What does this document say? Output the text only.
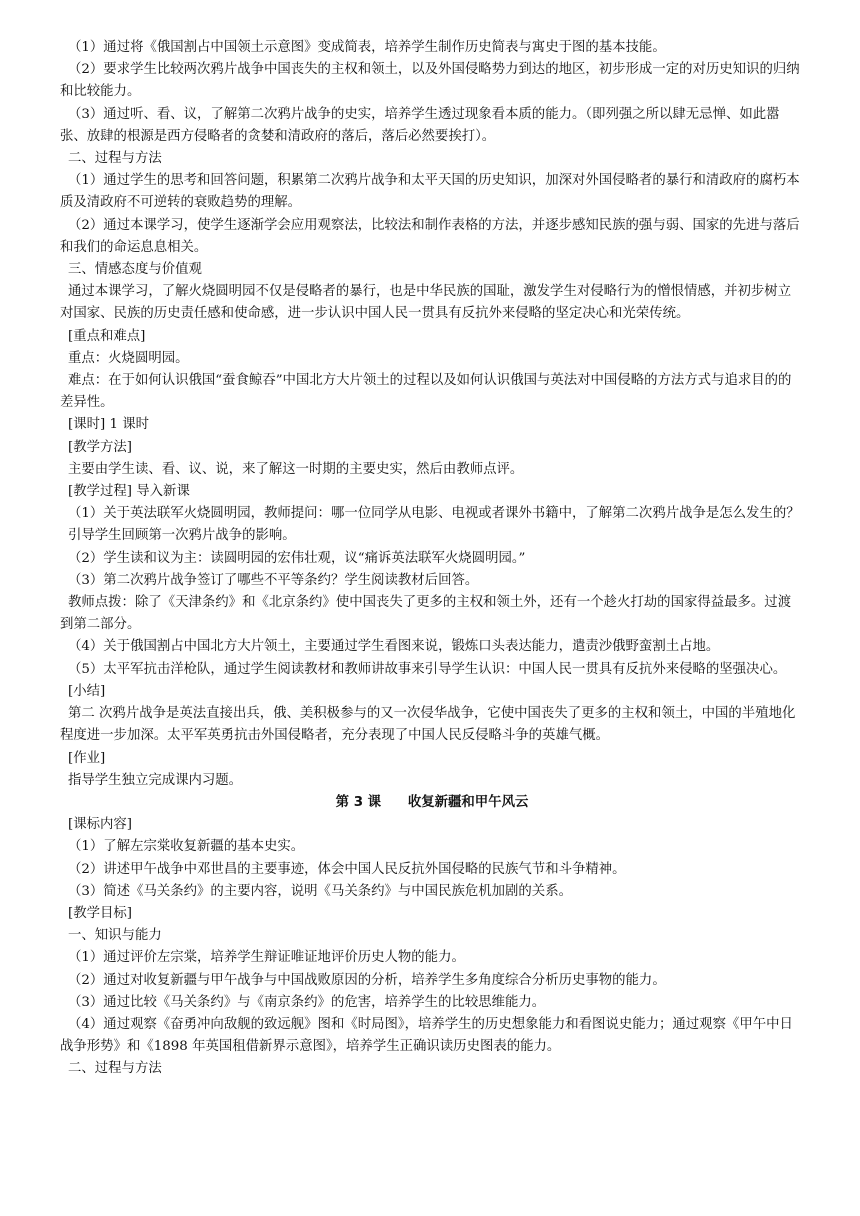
（1）通过将《俄国割占中国领土示意图》变成简表，培养学生制作历史简表与寓史于图的基本技能。

（2）要求学生比较两次鸦片战争中国丧失的主权和领土，以及外国侵略势力到达的地区，初步形成一定的对历史知识的归纳和比较能力。

（3）通过听、看、议，了解第二次鸦片战争的史实，培养学生透过现象看本质的能力。（即列强之所以肆无忌惮、如此嚣张、放肆的根源是西方侵略者的贪婪和清政府的落后，落后必然要挨打）。

二、过程与方法

（1）通过学生的思考和回答问题，积累第二次鸦片战争和太平天国的历史知识，加深对外国侵略者的暴行和清政府的腐朽本质及清政府不可逆转的衰败趋势的理解。

（2）通过本课学习，使学生逐渐学会应用观察法，比较法和制作表格的方法，并逐步感知民族的强与弱、国家的先进与落后和我们的命运息息相关。

三、情感态度与价值观

通过本课学习，了解火烧圆明园不仅是侵略者的暴行，也是中华民族的国耻，激发学生对侵略行为的憎恨情感，并初步树立对国家、民族的历史责任感和使命感，进一步认识中国人民一贯具有反抗外来侵略的坚定决心和光荣传统。

[重点和难点]

重点：火烧圆明园。

难点：在于如何认识俄国“蚕食鲸吞”中国北方大片领土的过程以及如何认识俄国与英法对中国侵略的方法方式与追求目的的差异性。

[课时] 1 课时

[教学方法]

主要由学生读、看、议、说，来了解这一时期的主要史实，然后由教师点评。

[教学过程] 导入新课

（1）关于英法联军火烧圆明园，教师提问：哪一位同学从电影、电视或者课外书籍中，了解第二次鸦片战争是怎么发生的？

引导学生回顾第一次鸦片战争的影响。

（2）学生读和议为主：读圆明园的宏伟壮观，议“痛诉英法联军火烧圆明园。”

（3）第二次鸦片战争签订了哪些不平等条约？学生阅读教材后回答。

教师点拨：除了《天津条约》和《北京条约》使中国丧失了更多的主权和领土外，还有一个趁火打劫的国家得益最多。过渡到第二部分。

（4）关于俄国割占中国北方大片领土，主要通过学生看图来说，锻炼口头表达能力，遣责沙俄野蛮割土占地。

（5）太平军抗击洋枪队，通过学生阅读教材和教师讲故事来引导学生认识：中国人民一贯具有反抗外来侵略的坚强决心。

[小结]

第二 次鸦片战争是英法直接出兵，俄、美积极参与的又一次侵华战争，它使中国丧失了更多的主权和领土，中国的半殖地化程度进一步加深。太平军英勇抗击外国侵略者，充分表现了中国人民反侵略斗争的英雄气概。

[作业]

指导学生独立完成课内习题。

第 3 课　　收复新疆和甲午风云

[课标内容]

（1）了解左宗棠收复新疆的基本史实。

（2）讲述甲午战争中邓世昌的主要事迹，体会中国人民反抗外国侵略的民族气节和斗争精神。

（3）简述《马关条约》的主要内容，说明《马关条约》与中国民族危机加剧的关系。

[教学目标]

一、知识与能力

（1）通过评价左宗棠，培养学生辩证唯证地评价历史人物的能力。

（2）通过对收复新疆与甲午战争与中国战败原因的分析，培养学生多角度综合分析历史事物的能力。

（3）通过比较《马关条约》与《南京条约》的危害，培养学生的比较思维能力。

（4）通过观察《奋勇冲向敌舰的致远舰》图和《时局图》，培养学生的历史想象能力和看图说史能力；通过观察《甲午中日战争形势》和《1898 年英国租借新界示意图》，培养学生正确识读历史图表的能力。

二、过程与方法
